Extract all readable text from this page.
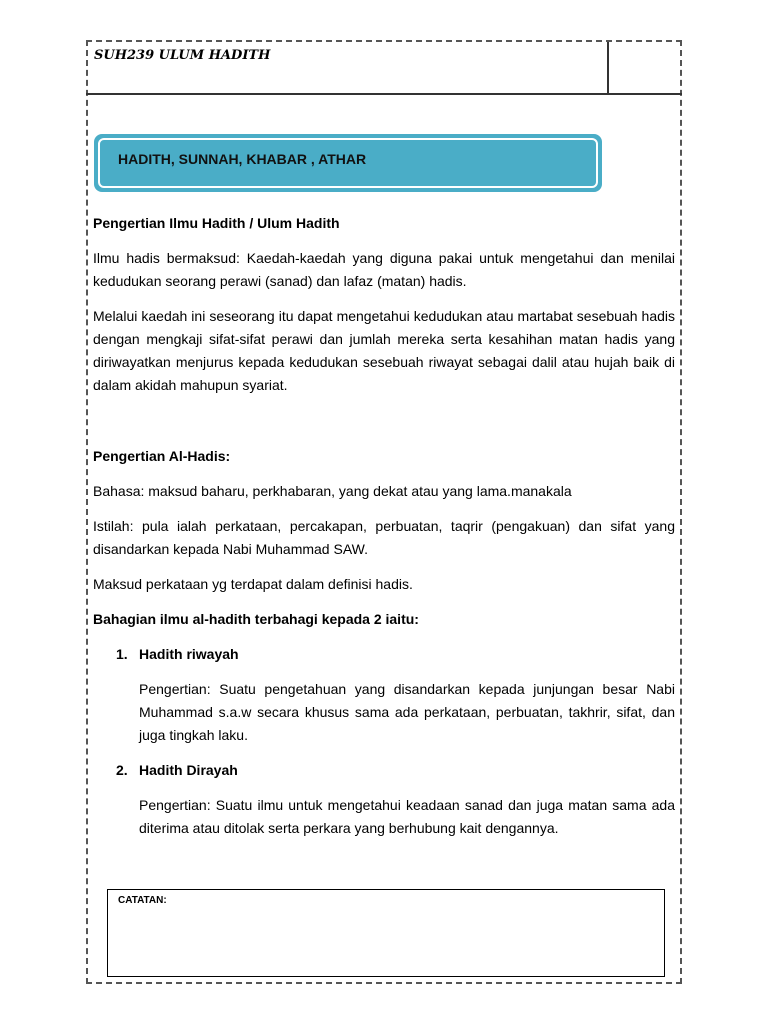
SUH239 ULUM HADITH
HADITH, SUNNAH, KHABAR , ATHAR

Pengertian Ilmu Hadith / Ulum Hadith

Ilmu hadis bermaksud: Kaedah-kaedah yang diguna pakai untuk mengetahui dan menilai kedudukan seorang perawi (sanad) dan lafaz (matan) hadis.

Melalui kaedah ini seseorang itu dapat mengetahui kedudukan atau martabat sesebuah hadis dengan mengkaji sifat-sifat perawi dan jumlah mereka serta kesahihan matan hadis yang diriwayatkan menjurus kepada kedudukan sesebuah riwayat sebagai dalil atau hujah baik di dalam akidah mahupun syariat.

Pengertian Al-Hadis:

Bahasa: maksud baharu, perkhabaran, yang dekat atau yang lama.manakala

Istilah: pula ialah perkataan, percakapan, perbuatan, taqrir (pengakuan) dan sifat yang disandarkan kepada Nabi Muhammad SAW.

Maksud perkataan yg terdapat dalam definisi hadis.

Bahagian ilmu al-hadith terbahagi kepada 2 iaitu:

1. Hadith riwayah

Pengertian: Suatu pengetahuan yang disandarkan kepada junjungan besar Nabi Muhammad s.a.w secara khusus sama ada perkataan, perbuatan, takhrir, sifat, dan juga tingkah laku.

2. Hadith Dirayah

Pengertian: Suatu ilmu untuk mengetahui keadaan sanad dan juga matan sama ada diterima atau ditolak serta perkara yang berhubung kait dengannya.

CATATAN:
